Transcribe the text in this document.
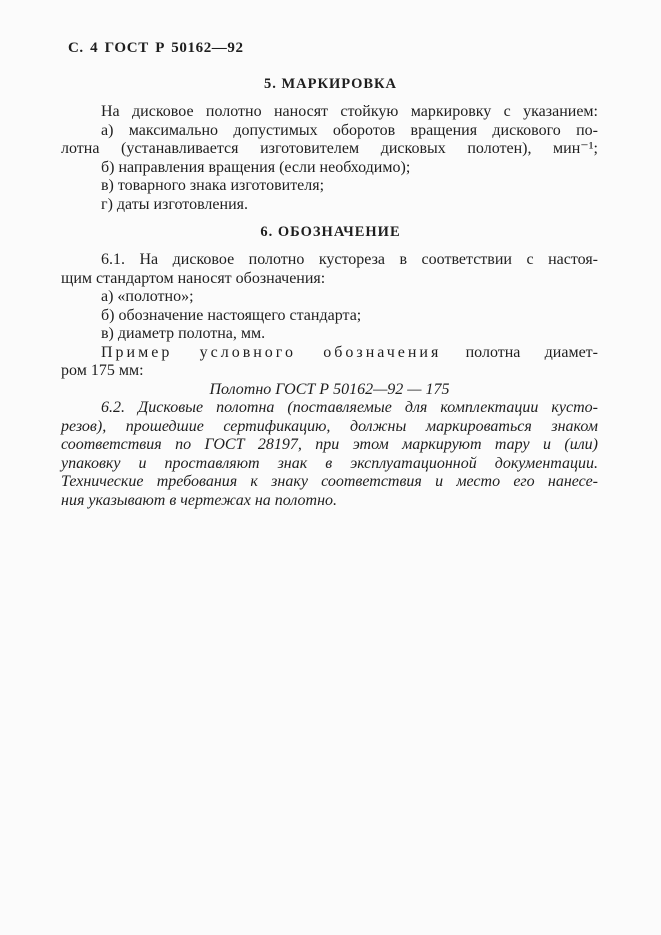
С. 4 ГОСТ Р 50162—92
5. МАРКИРОВКА
На дисковое полотно наносят стойкую маркировку с указанием:
а) максимально допустимых оборотов вращения дискового по-
лотна (устанавливается изготовителем дисковых полотен), мин⁻¹;
б) направления вращения (если необходимо);
в) товарного знака изготовителя;
г) даты изготовления.
6. ОБОЗНАЧЕНИЕ
6.1. На дисковое полотно кустореза в соответствии с настоя-
щим стандартом наносят обозначения:
а) «полотно»;
б) обозначение настоящего стандарта;
в) диаметр полотна, мм.
Пример условного обозначения полотна диамет-
ром 175 мм:
Полотно ГОСТ Р 50162—92 — 175
6.2. Дисковые полотна (поставляемые для комплектации кусто-
резов), прошедшие сертификацию, должны маркироваться знаком
соответствия по ГОСТ 28197, при этом маркируют тару и (или)
упаковку и проставляют знак в эксплуатационной документации.
Технические требования к знаку соответствия и место его нанесе-
ния указывают в чертежах на полотно.
